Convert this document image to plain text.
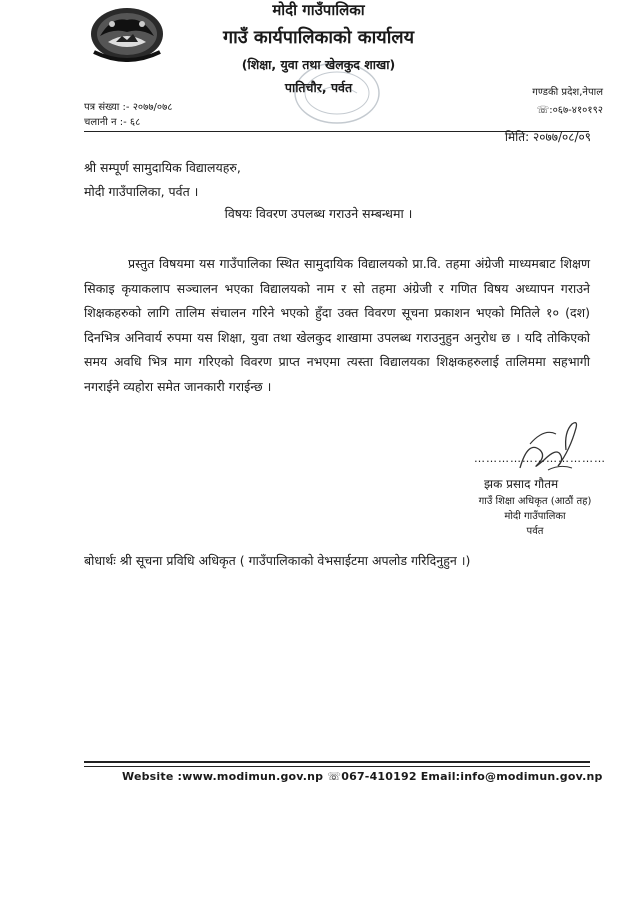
मोदी गाउँपालिका
गाउँ कार्यपालिकाको कार्यालय
(शिक्षा, युवा तथा खेलकुद शाखा)
पातिचौर, पर्वत	गण्डकी प्रदेश,नेपाल
☏:०६७-४१०१९२
पत्र संख्या :- २०७७/०७८
चलानी न :- ६८
मिति: २०७७/०८/०९
श्री सम्पूर्ण सामुदायिक विद्यालयहरु,
मोदी गाउँपालिका, पर्वत ।
विषयः विवरण उपलब्ध गराउने सम्बन्धमा ।
प्रस्तुत विषयमा यस गाउँपालिका स्थित सामुदायिक विद्यालयको प्रा.वि. तहमा अंग्रेजी माध्यमबाट शिक्षण सिकाइ कृयाकलाप सञ्चालन भएका विद्यालयको नाम र सो तहमा अंग्रेजी र गणित विषय अध्यापन गराउने शिक्षकहरुको लागि तालिम संचालन गरिने भएको हुँदा उक्त विवरण सूचना प्रकाशन भएको मितिले १० (दश) दिनभित्र अनिवार्य रुपमा यस शिक्षा, युवा तथा खेलकुद शाखामा उपलब्ध गराउनुहुन अनुरोध छ । यदि तोकिएको समय अवधि भित्र माग गरिएको विवरण प्राप्त नभएमा त्यस्ता विद्यालयका शिक्षकहरुलाई तालिममा सहभागी नगराईने व्यहोरा समेत जानकारी गराईन्छ ।
……………………………
झक प्रसाद गौतम
गाउँ शिक्षा अधिकृत (आठौं तह)
मोदी गाउँपालिका
पर्वत
बोधार्थः श्री सूचना प्रविधि अधिकृत ( गाउँपालिकाको वेभसाईटमा अपलोड गरिदिनुहुन ।)
Website :www.modimun.gov.np ☏067-410192 Email:info@modimun.gov.np
